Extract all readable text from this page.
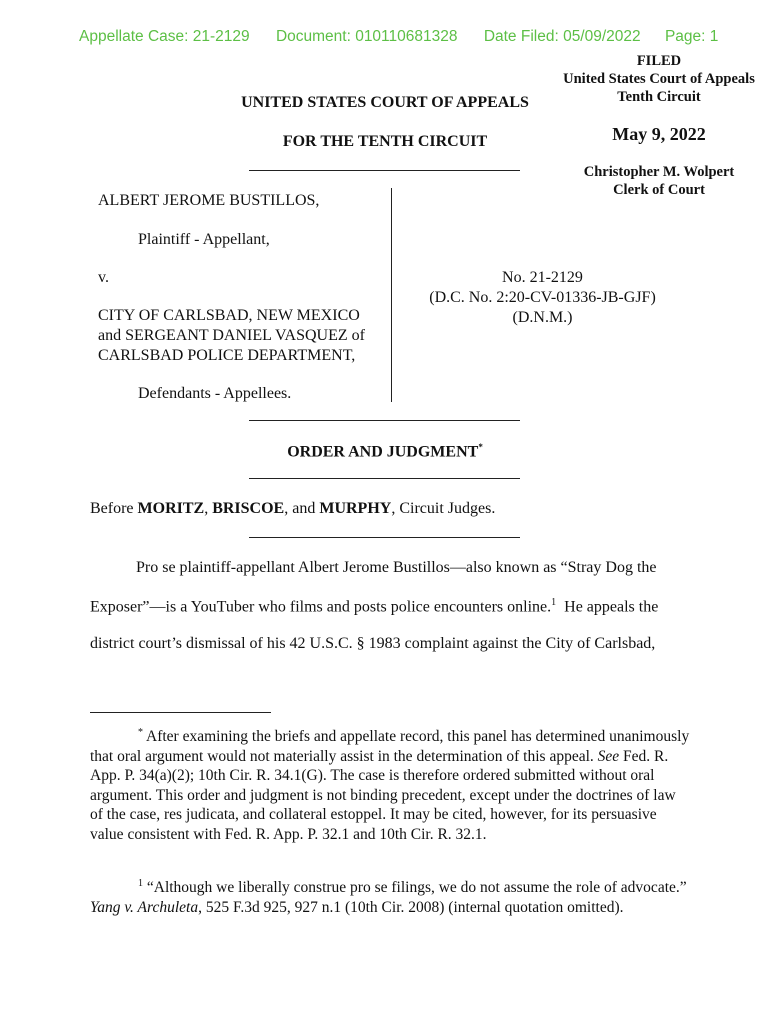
Appellate Case: 21-2129 Document: 010110681328 Date Filed: 05/09/2022 Page: 1
FILED
United States Court of Appeals
Tenth Circuit
May 9, 2022
Christopher M. Wolpert
Clerk of Court
UNITED STATES COURT OF APPEALS
FOR THE TENTH CIRCUIT
ALBERT JEROME BUSTILLOS,
Plaintiff - Appellant,
v.
CITY OF CARLSBAD, NEW MEXICO
and SERGEANT DANIEL VASQUEZ of
CARLSBAD POLICE DEPARTMENT,
Defendants - Appellees.
No. 21-2129
(D.C. No. 2:20-CV-01336-JB-GJF)
(D.N.M.)
ORDER AND JUDGMENT*
Before MORITZ, BRISCOE, and MURPHY, Circuit Judges.
Pro se plaintiff-appellant Albert Jerome Bustillos—also known as “Stray Dog the
Exposer”—is a YouTuber who films and posts police encounters online.$^1$  He appeals the
district court’s dismissal of his 42 U.S.C. § 1983 complaint against the City of Carlsbad,

* After examining the briefs and appellate record, this panel has determined unanimously that oral argument would not materially assist in the determination of this appeal. See Fed. R. App. P. 34(a)(2); 10th Cir. R. 34.1(G). The case is therefore ordered submitted without oral argument. This order and judgment is not binding precedent, except under the doctrines of law of the case, res judicata, and collateral estoppel. It may be cited, however, for its persuasive value consistent with Fed. R. App. P. 32.1 and 10th Cir. R. 32.1.

$^1$ “Although we liberally construe pro se filings, we do not assume the role of advocate.” Yang v. Archuleta, 525 F.3d 925, 927 n.1 (10th Cir. 2008) (internal quotation omitted).
